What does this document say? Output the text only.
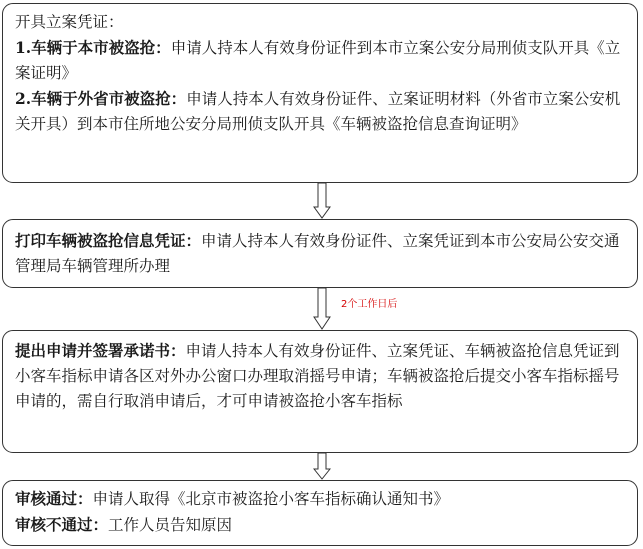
开具立案凭证：

1.车辆于本市被盗抢：申请人持本人有效身份证件到本市立案公安分局刑侦支队开具《立案证明》

2.车辆于外省市被盗抢：申请人持本人有效身份证件、立案证明材料（外省市立案公安机关开具）到本市住所地公安分局刑侦支队开具《车辆被盗抢信息查询证明》

打印车辆被盗抢信息凭证：申请人持本人有效身份证件、立案凭证到本市公安局公安交通管理局车辆管理所办理

2个工作日后

提出申请并签署承诺书：申请人持本人有效身份证件、立案凭证、车辆被盗抢信息凭证到小客车指标申请各区对外办公窗口办理取消摇号申请；车辆被盗抢后提交小客车指标摇号申请的，需自行取消申请后，才可申请被盗抢小客车指标

审核通过：申请人取得《北京市被盗抢小客车指标确认通知书》

审核不通过：工作人员告知原因
